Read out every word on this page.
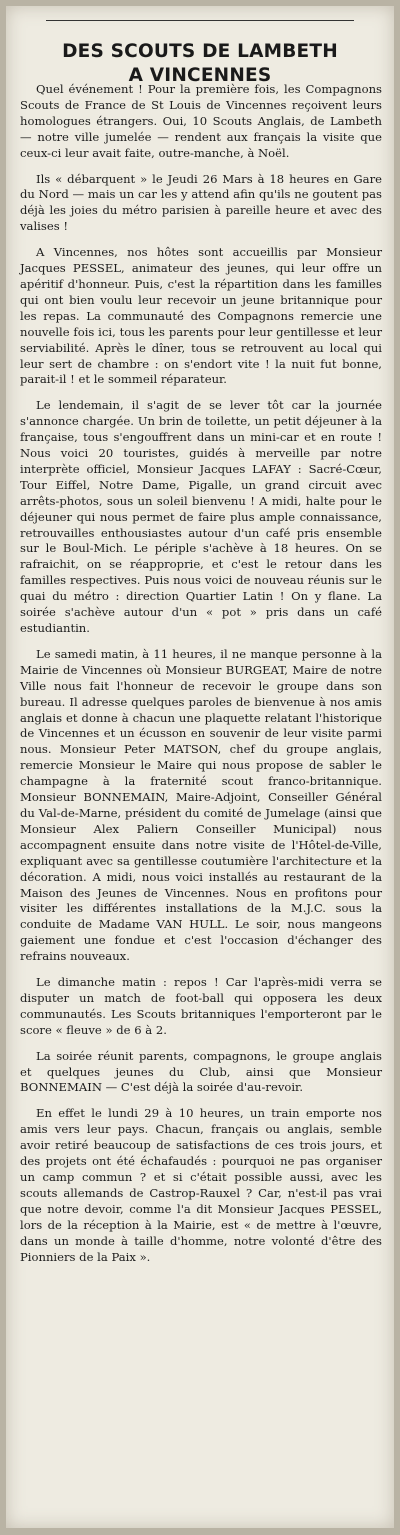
DES SCOUTS DE LAMBETH
A VINCENNES

Quel événement ! Pour la première fois, les Compagnons Scouts de France de St Louis de Vincennes reçoivent leurs homologues étrangers. Oui, 10 Scouts Anglais, de Lambeth — notre ville jumelée — rendent aux français la visite que ceux-ci leur avait faite, outre-manche, à Noël.

Ils « débarquent » le Jeudi 26 Mars à 18 heures en Gare du Nord — mais un car les y attend afin qu'ils ne goutent pas déjà les joies du métro parisien à pareille heure et avec des valises !

A Vincennes, nos hôtes sont accueillis par Monsieur Jacques PESSEL, animateur des jeunes, qui leur offre un apéritif d'honneur. Puis, c'est la répartition dans les familles qui ont bien voulu leur recevoir un jeune britannique pour les repas. La communauté des Compagnons remercie une nouvelle fois ici, tous les parents pour leur gentillesse et leur serviabilité. Après le dîner, tous se retrouvent au local qui leur sert de chambre : on s'endort vite ! la nuit fut bonne, parait-il ! et le sommeil réparateur.

Le lendemain, il s'agit de se lever tôt car la journée s'annonce chargée. Un brin de toilette, un petit déjeuner à la française, tous s'engouffrent dans un mini-car et en route ! Nous voici 20 touristes, guidés à merveille par notre interprète officiel, Monsieur Jacques LAFAY : Sacré-Cœur, Tour Eiffel, Notre Dame, Pigalle, un grand circuit avec arrêts-photos, sous un soleil bienvenu ! A midi, halte pour le déjeuner qui nous permet de faire plus ample connaissance, retrouvailles enthousiastes autour d'un café pris ensemble sur le Boul-Mich. Le périple s'achève à 18 heures. On se rafraichit, on se réapproprie, et c'est le retour dans les familles respectives. Puis nous voici de nouveau réunis sur le quai du métro : direction Quartier Latin ! On y flane. La soirée s'achève autour d'un « pot » pris dans un café estudiantin.

Le samedi matin, à 11 heures, il ne manque personne à la Mairie de Vincennes où Monsieur BURGEAT, Maire de notre Ville nous fait l'honneur de recevoir le groupe dans son bureau. Il adresse quelques paroles de bienvenue à nos amis anglais et donne à chacun une plaquette relatant l'historique de Vincennes et un écusson en souvenir de leur visite parmi nous. Monsieur Peter MATSON, chef du groupe anglais, remercie Monsieur le Maire qui nous propose de sabler le champagne à la fraternité scout franco-britannique. Monsieur BONNEMAIN, Maire-Adjoint, Conseiller Général du Val-de-Marne, président du comité de Jumelage (ainsi que Monsieur Alex Paliern Conseiller Municipal) nous accompagnent ensuite dans notre visite de l'Hôtel-de-Ville, expliquant avec sa gentillesse coutumière l'architecture et la décoration. A midi, nous voici installés au restaurant de la Maison des Jeunes de Vincennes. Nous en profitons pour visiter les différentes installations de la M.J.C. sous la conduite de Madame VAN HULL. Le soir, nous mangeons gaiement une fondue et c'est l'occasion d'échanger des refrains nouveaux.

Le dimanche matin : repos ! Car l'après-midi verra se disputer un match de foot-ball qui opposera les deux communautés. Les Scouts britanniques l'emporteront par le score « fleuve » de 6 à 2.

La soirée réunit parents, compagnons, le groupe anglais et quelques jeunes du Club, ainsi que Monsieur BONNEMAIN — C'est déjà la soirée d'au-revoir.

En effet le lundi 29 à 10 heures, un train emporte nos amis vers leur pays. Chacun, français ou anglais, semble avoir retiré beaucoup de satisfactions de ces trois jours, et des projets ont été échafaudés : pourquoi ne pas organiser un camp commun ? et si c'était possible aussi, avec les scouts allemands de Castrop-Rauxel ? Car, n'est-il pas vrai que notre devoir, comme l'a dit Monsieur Jacques PESSEL, lors de la réception à la Mairie, est « de mettre à l'œuvre, dans un monde à taille d'homme, notre volonté d'être des Pionniers de la Paix ».
